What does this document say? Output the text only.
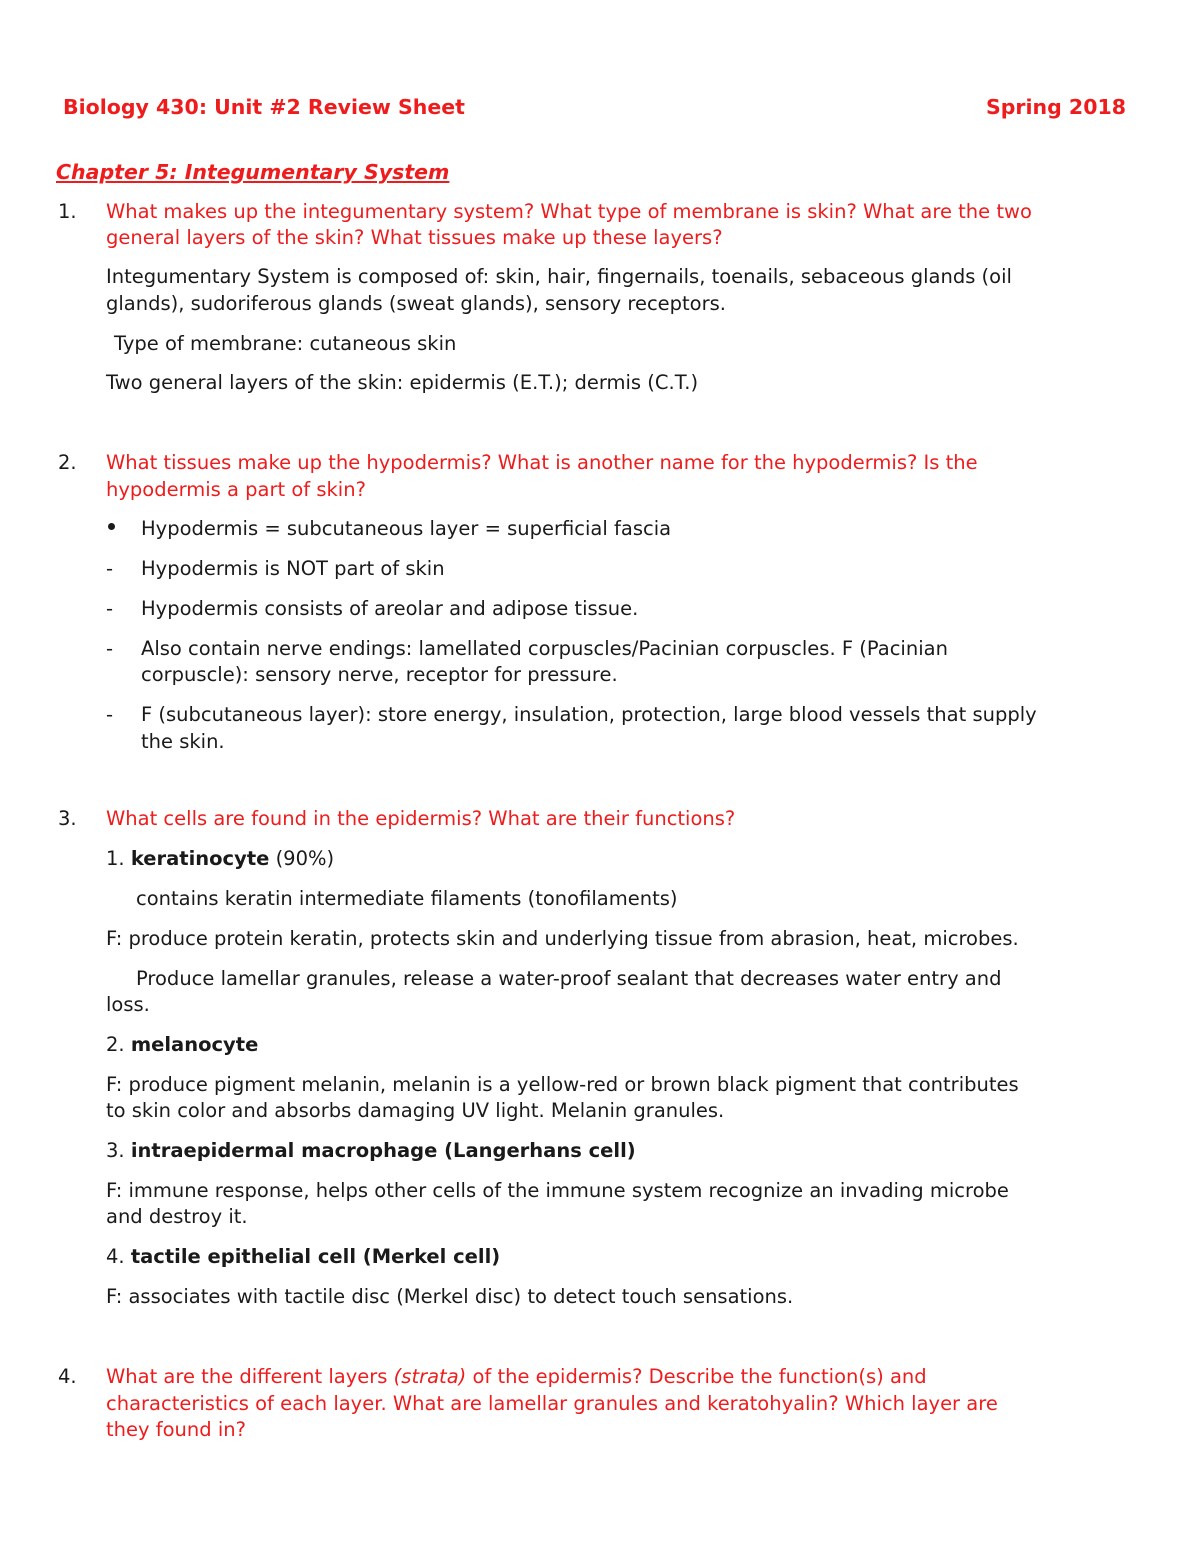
Biology 430: Unit #2 Review Sheet	Spring 2018

Chapter 5: Integumentary System

1. What makes up the integumentary system? What type of membrane is skin? What are the two

general layers of the skin? What tissues make up these layers?

Integumentary System is composed of: skin, hair, fingernails, toenails, sebaceous glands (oil

glands), sudoriferous glands (sweat glands), sensory receptors.

Type of membrane: cutaneous skin

Two general layers of the skin: epidermis (E.T.); dermis (C.T.)

2. What tissues make up the hypodermis? What is another name for the hypodermis? Is the

hypodermis a part of skin?

Hypodermis = subcutaneous layer = superficial fascia

- Hypodermis is NOT part of skin

- Hypodermis consists of areolar and adipose tissue.

- Also contain nerve endings: lamellated corpuscles/Pacinian corpuscles. F (Pacinian

corpuscle): sensory nerve, receptor for pressure.

- F (subcutaneous layer): store energy, insulation, protection, large blood vessels that supply

the skin.

3. What cells are found in the epidermis? What are their functions?

1. keratinocyte (90%)

contains keratin intermediate filaments (tonofilaments)

F: produce protein keratin, protects skin and underlying tissue from abrasion, heat, microbes.

Produce lamellar granules, release a water-proof sealant that decreases water entry and

loss.

2. melanocyte

F: produce pigment melanin, melanin is a yellow-red or brown black pigment that contributes

to skin color and absorbs damaging UV light. Melanin granules.

3. intraepidermal macrophage (Langerhans cell)

F: immune response, helps other cells of the immune system recognize an invading microbe

and destroy it.

4. tactile epithelial cell (Merkel cell)

F: associates with tactile disc (Merkel disc) to detect touch sensations.

4. What are the different layers (strata) of the epidermis? Describe the function(s) and

characteristics of each layer. What are lamellar granules and keratohyalin? Which layer are

they found in?
